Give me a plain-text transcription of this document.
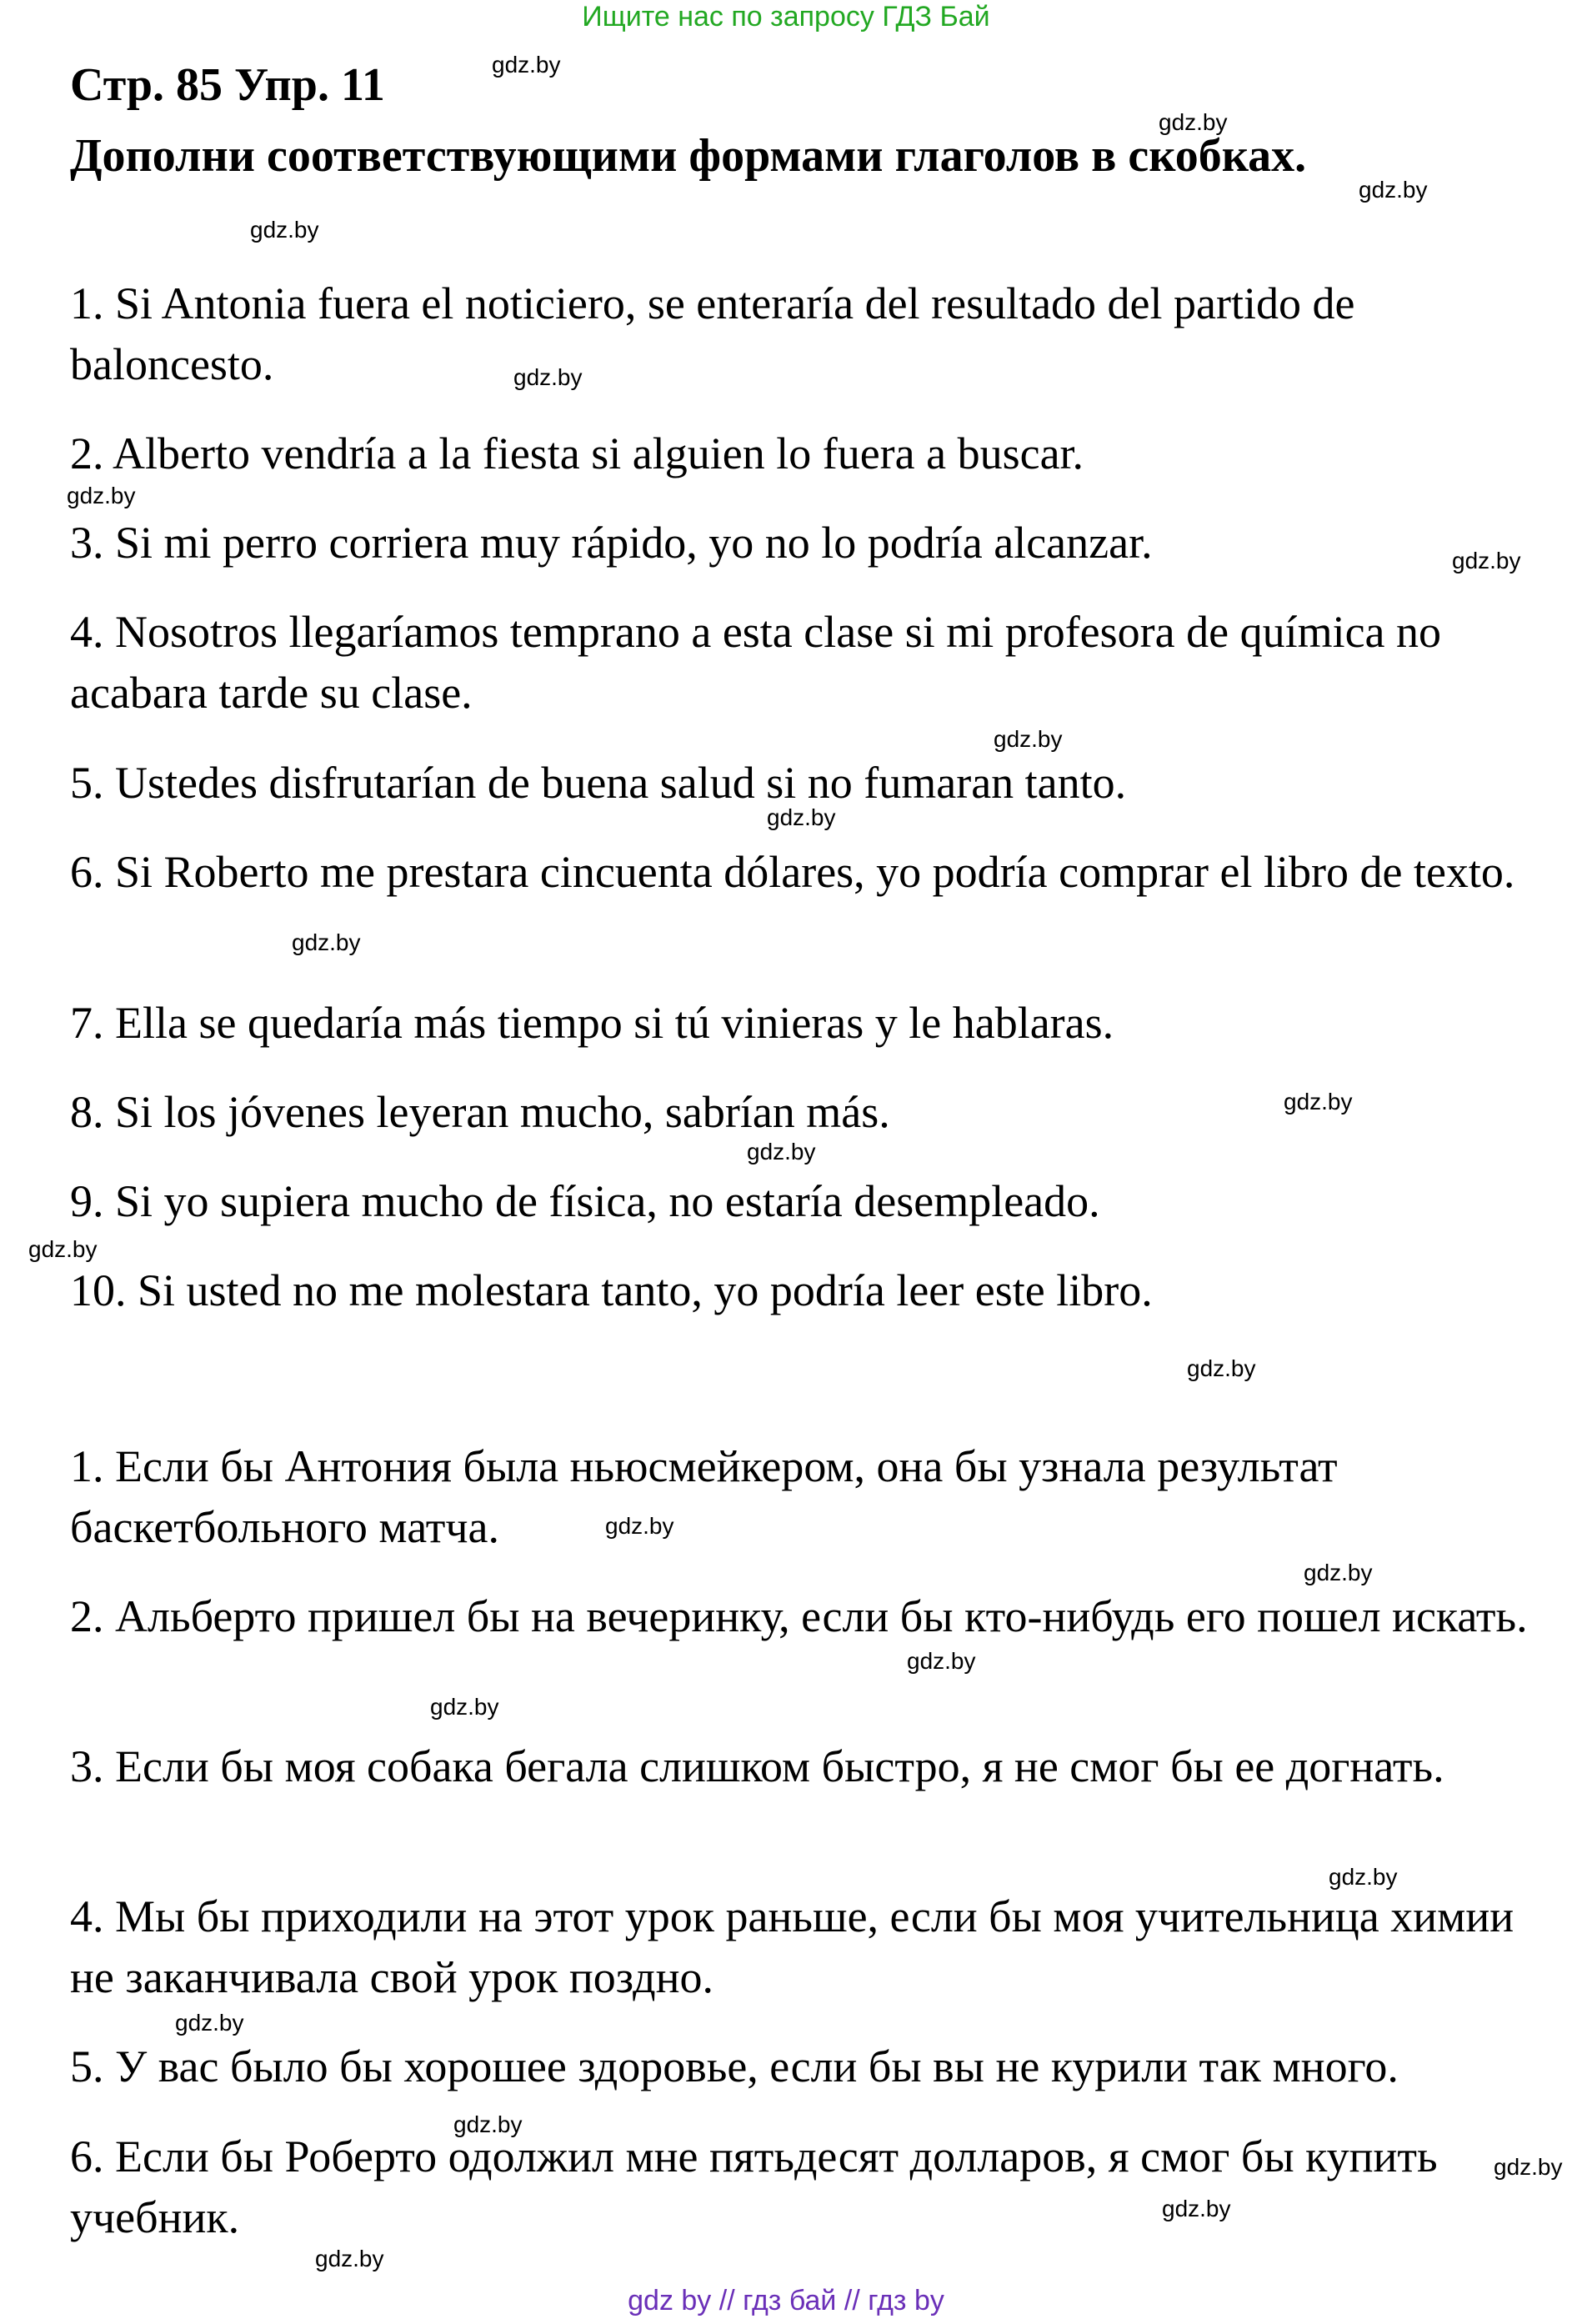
Ищите нас по запросу ГДЗ Бай
Стр. 85 Упр. 11
Дополни соответствующими формами глаголов в скобках.
1. Si Antonia fuera el noticiero, se enteraría del resultado del partido de baloncesto.
2. Alberto vendría a la fiesta si alguien lo fuera a buscar.
3. Si mi perro corriera muy rápido, yo no lo podría alcanzar.
4. Nosotros llegaríamos temprano a esta clase si mi profesora de química no acabara tarde su clase.
5. Ustedes disfrutarían de buena salud si no fumaran tanto.
6. Si Roberto me prestara cincuenta dólares, yo podría comprar el libro de texto.
7. Ella se quedaría más tiempo si tú vinieras y le hablaras.
8. Si los jóvenes leyeran mucho, sabrían más.
9. Si yo supiera mucho de física, no estaría desempleado.
10. Si usted no me molestara tanto, yo podría leer este libro.
1. Если бы Антония была ньюсмейкером, она бы узнала результат баскетбольного матча.
2. Альберто пришел бы на вечеринку, если бы кто-нибудь его пошел искать.
3. Если бы моя собака бегала слишком быстро, я не смог бы ее догнать.
4. Мы бы приходили на этот урок раньше, если бы моя учительница химии не заканчивала свой урок поздно.
5. У вас было бы хорошее здоровье, если бы вы не курили так много.
6. Если бы Роберто одолжил мне пятьдесят долларов, я смог бы купить учебник.
gdz.by
gdz.by
gdz.by
gdz.by
gdz.by
gdz.by
gdz.by
gdz.by
gdz.by
gdz.by
gdz.by
gdz.by
gdz.by
gdz.by
gdz.by
gdz.by
gdz.by
gdz.by
gdz.by
gdz.by
gdz.by
gdz.by
gdz.by
gdz.by
gdz by // гдз бай // гдз by
